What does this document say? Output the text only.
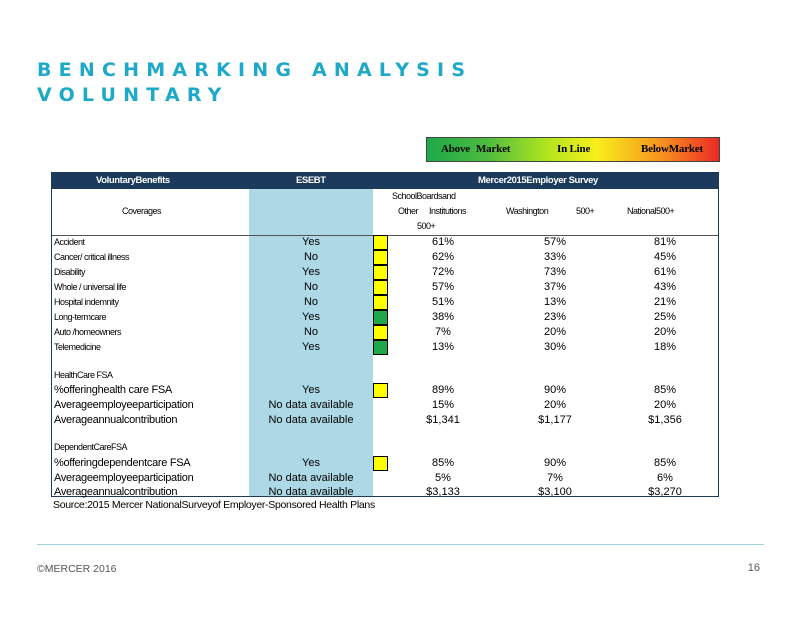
BENCHMARKING ANALYSIS
VOLUNTARY
Above Market	In Line	BelowMarket
VoluntaryBenefits	ESEBT	Mercer2015Employer Survey
Coverages
SchoolBoardsand
Other Institutions
500+
Washington	500+	National500+
Accident	Yes	61%	57%	81%
Cancer/ critical illness	No	62%	33%	45%
Disability	Yes	72%	73%	61%
Whole / universal life	No	57%	37%	43%
Hospital indemnity	No	51%	13%	21%
Long-termcare	Yes	38%	23%	25%
Auto /homeowners	No	7%	20%	20%
Telemedicine	Yes	13%	30%	18%
HealthCare FSA
%offeringhealth care FSA	Yes	89%	90%	85%
Averageemployeeparticipation	No data available	15%	20%	20%
Averageannualcontribution	No data available	$1,341	$1,177	$1,356
DependentCareFSA
%offeringdependentcare FSA	Yes	85%	90%	85%
Averageemployeeparticipation	No data available	5%	7%	6%
Averageannualcontribution	No data available	$3,133	$3,100	$3,270
Source:2015 Mercer NationalSurveyof Employer-Sponsored Health Plans
©MERCER 2016	16
